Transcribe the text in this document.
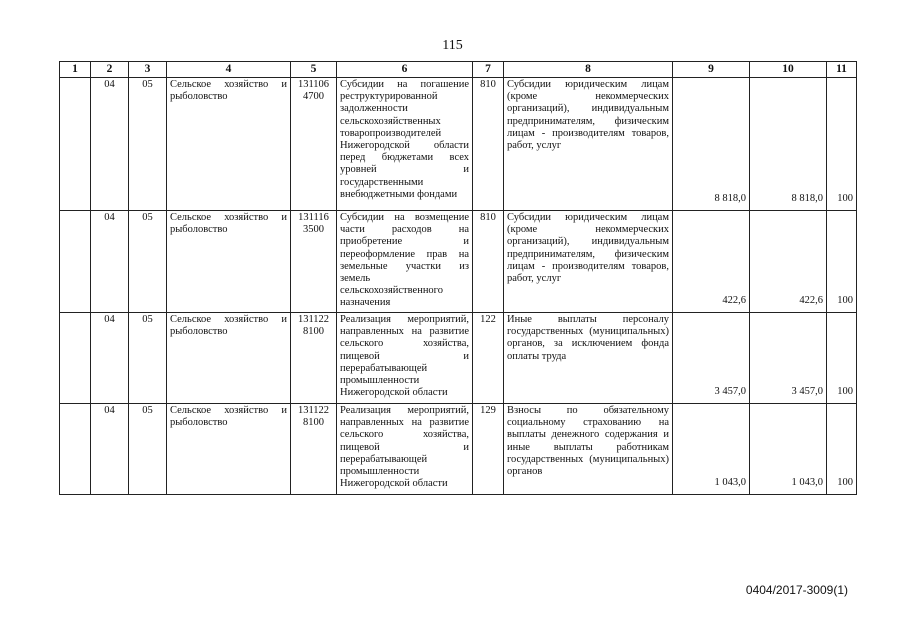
115
1	2	3	4	5	6	7	8	9	10	11
	04	05	Сельское хозяйство и рыболовство	131106 4700	Субсидии на погашение реструктурированной задолженности сельскохозяйственных товаропроизводителей Нижегородской области перед бюджетами всех уровней и государственными внебюджетными фондами	810	Субсидии юридическим лицам (кроме некоммерческих организаций), индивидуальным предпринимателям, физическим лицам - производителям товаров, работ, услуг	8 818,0	8 818,0	100
	04	05	Сельское хозяйство и рыболовство	131116 3500	Субсидии на возмещение части расходов на приобретение и переоформление прав на земельные участки из земель сельскохозяйственного назначения	810	Субсидии юридическим лицам (кроме некоммерческих организаций), индивидуальным предпринимателям, физическим лицам - производителям товаров, работ, услуг	422,6	422,6	100
	04	05	Сельское хозяйство и рыболовство	131122 8100	Реализация мероприятий, направленных на развитие сельского хозяйства, пищевой и перерабатывающей промышленности Нижегородской области	122	Иные выплаты персоналу государственных (муниципальных) органов, за исключением фонда оплаты труда	3 457,0	3 457,0	100
	04	05	Сельское хозяйство и рыболовство	131122 8100	Реализация мероприятий, направленных на развитие сельского хозяйства, пищевой и перерабатывающей промышленности Нижегородской области	129	Взносы по обязательному социальному страхованию на выплаты денежного содержания и иные выплаты работникам государственных (муниципальных) органов	1 043,0	1 043,0	100
0404/2017-3009(1)
